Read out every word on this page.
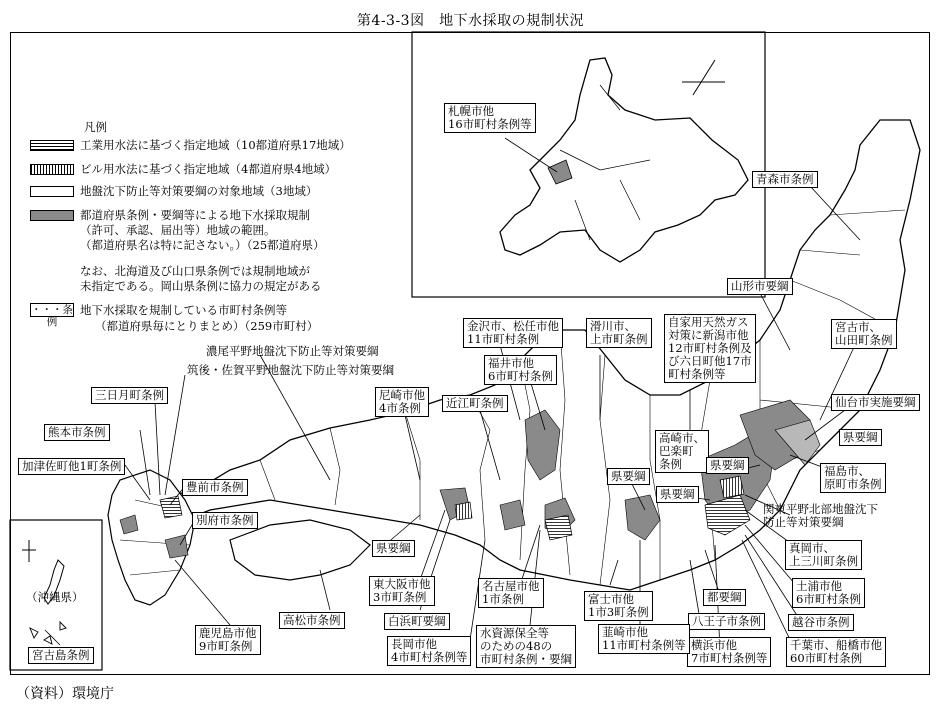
第4-3-3図　地下水採取の規制状況
凡例
工業用水法に基づく指定地域（10都道府県17地域）
ビル用水法に基づく指定地域（4都道府県4地域）
地盤沈下防止等対策要綱の対象地域（3地域）
都道府県条例・要綱等による地下水採取規制
（許可、承認、届出等）地域の範囲。
（都道府県名は特に記さない。）（25都道府県）
なお、北海道及び山口県条例では規制地域が
未指定である。岡山県条例に協力の規定がある
・・・条例
地下水採取を規制している市町村条例等
（都道府県毎にとりまとめ）（259市町村）
札幌市他
16市町村条例等
青森市条例
山形市要綱
宮古市、
山田町条例
仙台市実施要綱
県要綱
福島市、
原町市条例
関東平野北部地盤沈下
防止等対策要綱
真岡市、
上三川町条例
土浦市他
6市町村条例
越谷市条例
千葉市、船橋市他
60市町村条例
横浜市他
7市町村条例等
都要綱
八王子市条例
韮崎市他
11市町村条例等
富士市他
1市3町条例
水資源保全等
のための48の
市町村条例・要綱
長岡市他
4市町村条例等
名古屋市他
1市条例
白浜町要綱
東大阪市他
3市町条例
高松市条例
鹿児島市他
9市町条例
宮古島条例
（沖縄県）
別府市条例
豊前市条例
加津佐町他1町条例
熊本市条例
三日月町条例
筑後・佐賀平野地盤沈下防止等対策要綱
濃尾平野地盤沈下防止等対策要綱
尼崎市他
4市条例	近江町条例
県要綱
金沢市、松任市他
11市町村条例
福井市他
6市町村条例
滑川市、
上市町条例
自家用天然ガス
対策に新潟市他
12市町村条例及
び六日町他17市
町村条例等
高崎市、
巴楽町
条例	県要綱
県要綱
県要綱
（資料）環境庁
